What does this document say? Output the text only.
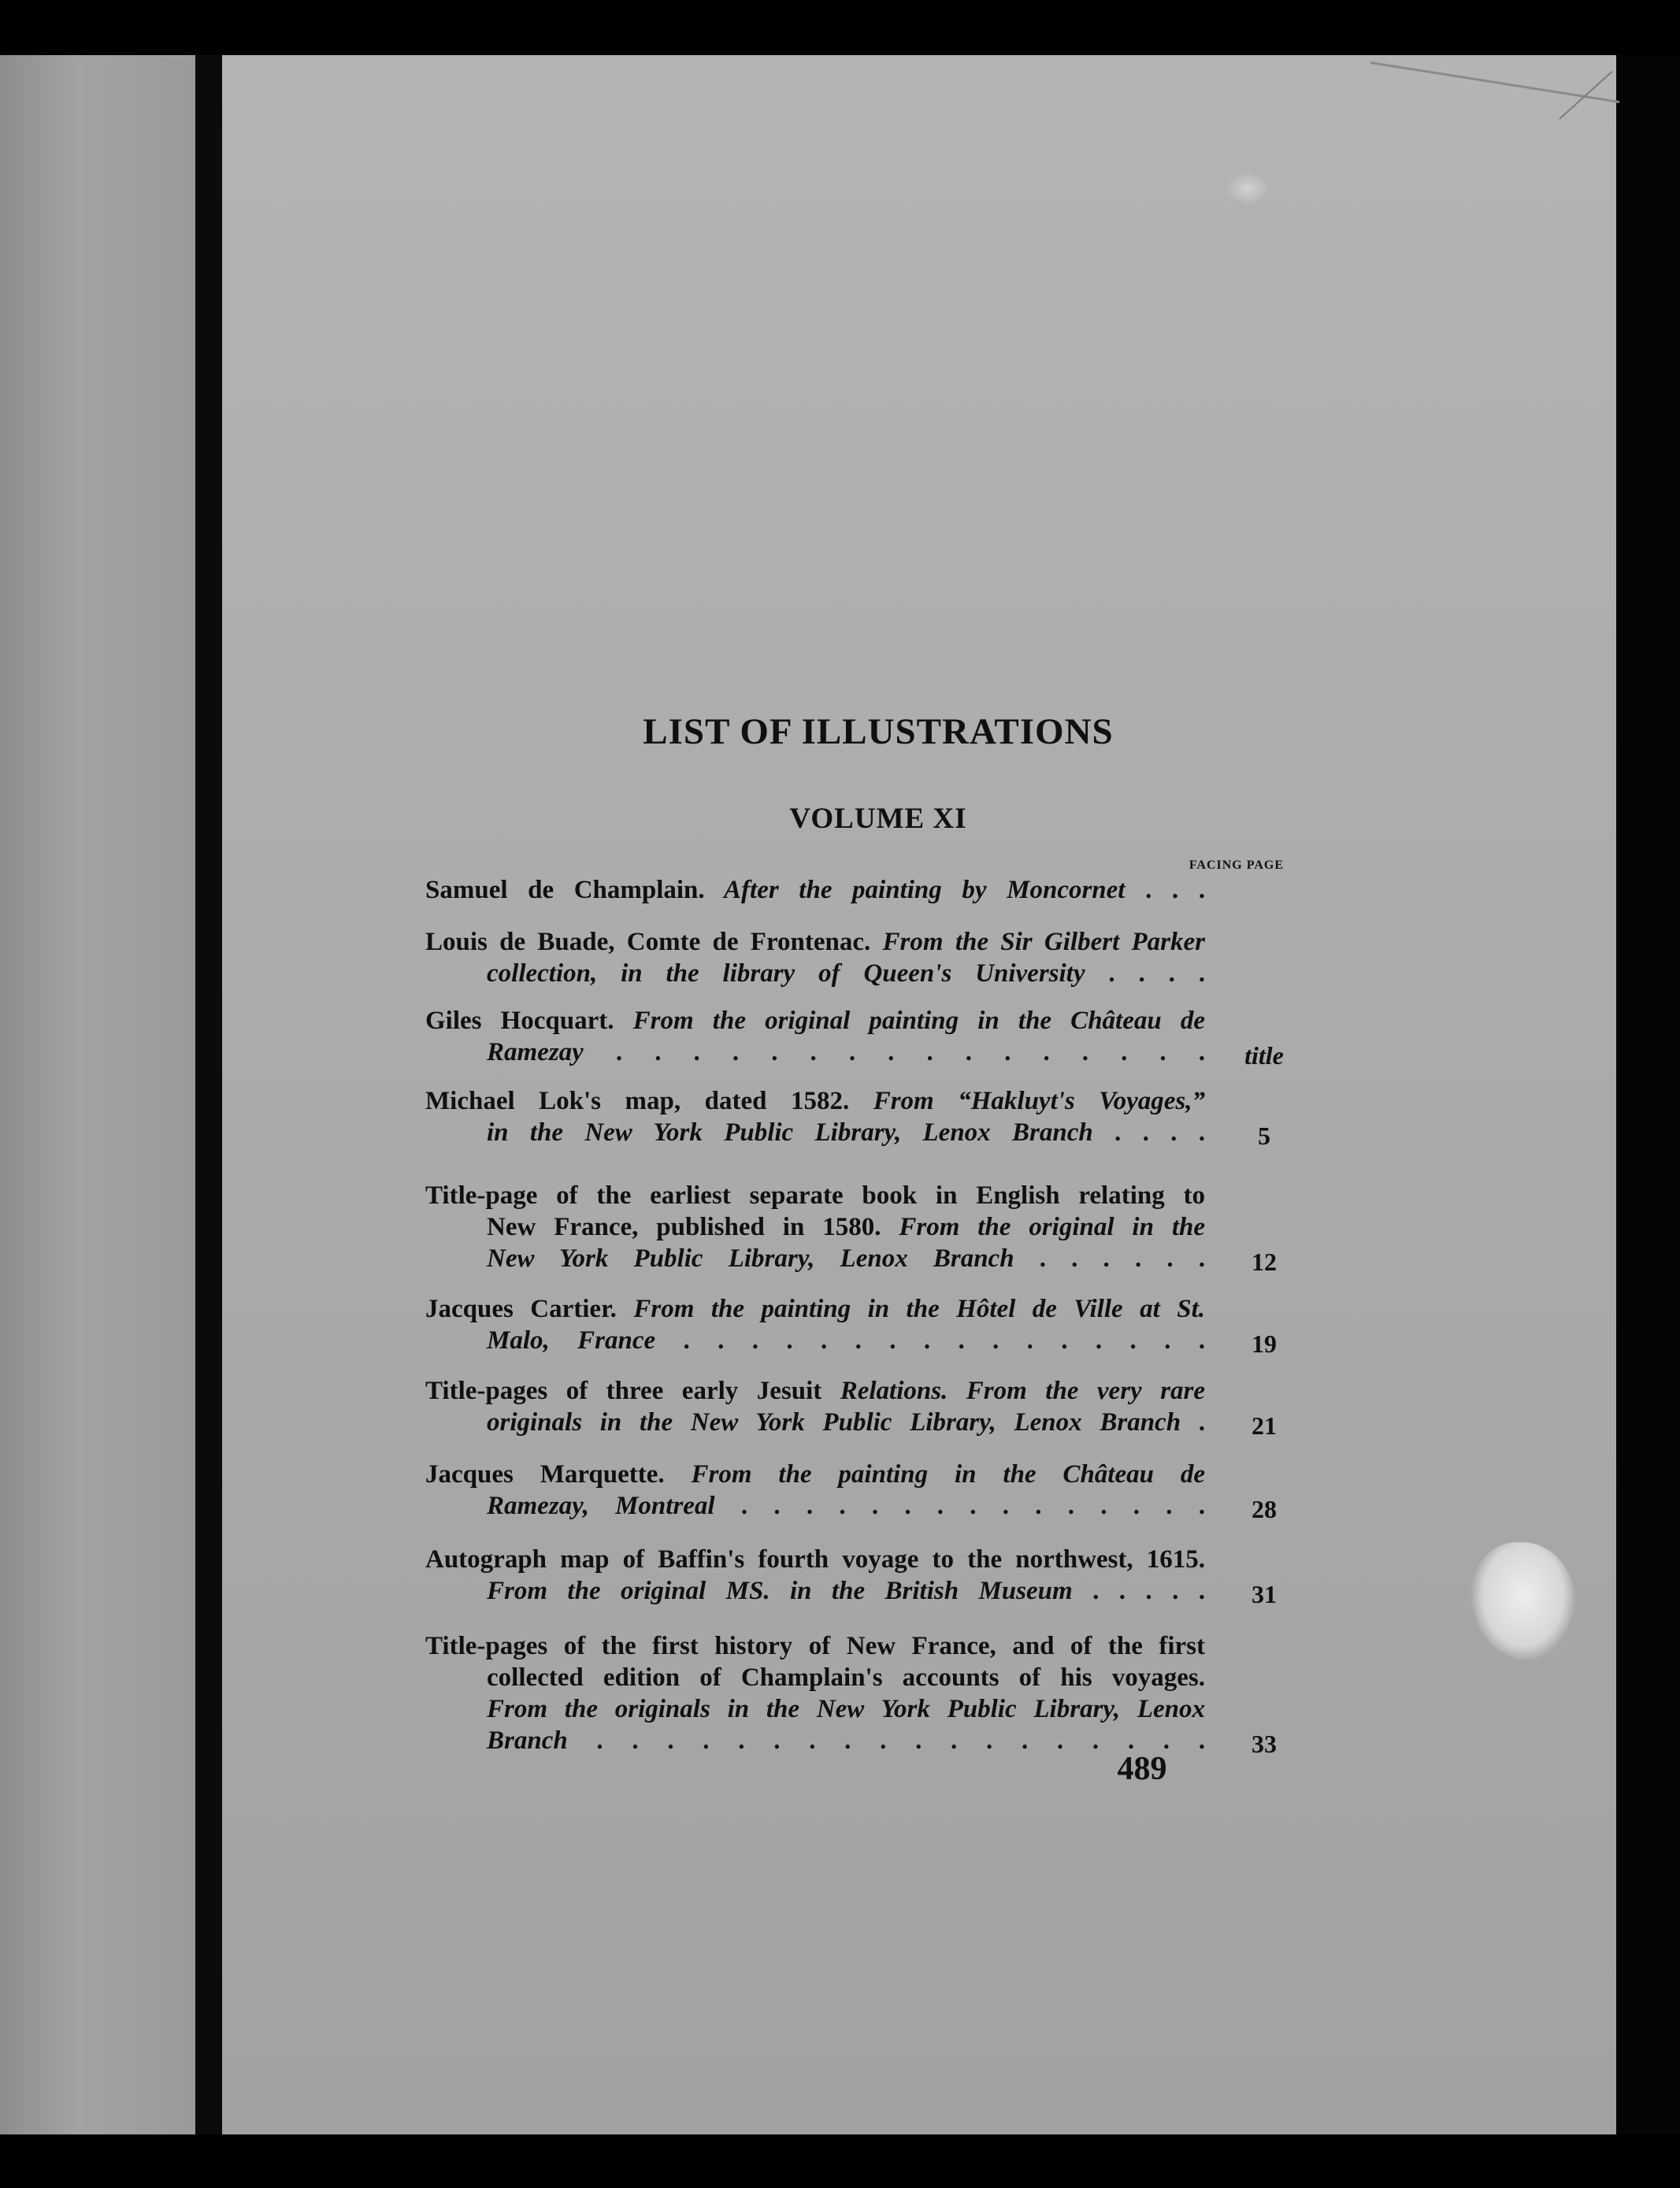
LIST OF ILLUSTRATIONS
VOLUME XI
FACING PAGE
Samuel de Champlain. After the painting by Moncornet . . .
Louis de Buade, Comte de Frontenac. From the Sir Gilbert Parker
collection, in the library of Queen's University . . . .
Giles Hocquart. From the original painting in the Château de
Ramezay . . . . . . . . . . . . . . . .	title
Michael Lok's map, dated 1582. From “Hakluyt's Voyages,”
in the New York Public Library, Lenox Branch . . . .	5
Title-page of the earliest separate book in English relating to
New France, published in 1580. From the original in the
New York Public Library, Lenox Branch . . . . . .	12
Jacques Cartier. From the painting in the Hôtel de Ville at St.
Malo, France . . . . . . . . . . . . . . . .	19
Title-pages of three early Jesuit Relations. From the very rare
originals in the New York Public Library, Lenox Branch .	21
Jacques Marquette. From the painting in the Château de
Ramezay, Montreal . . . . . . . . . . . . . . .	28
Autograph map of Baffin's fourth voyage to the northwest, 1615.
From the original MS. in the British Museum . . . . .	31
Title-pages of the first history of New France, and of the first
collected edition of Champlain's accounts of his voyages.
From the originals in the New York Public Library, Lenox
Branch . . . . . . . . . . . . . . . . . .	33
489
